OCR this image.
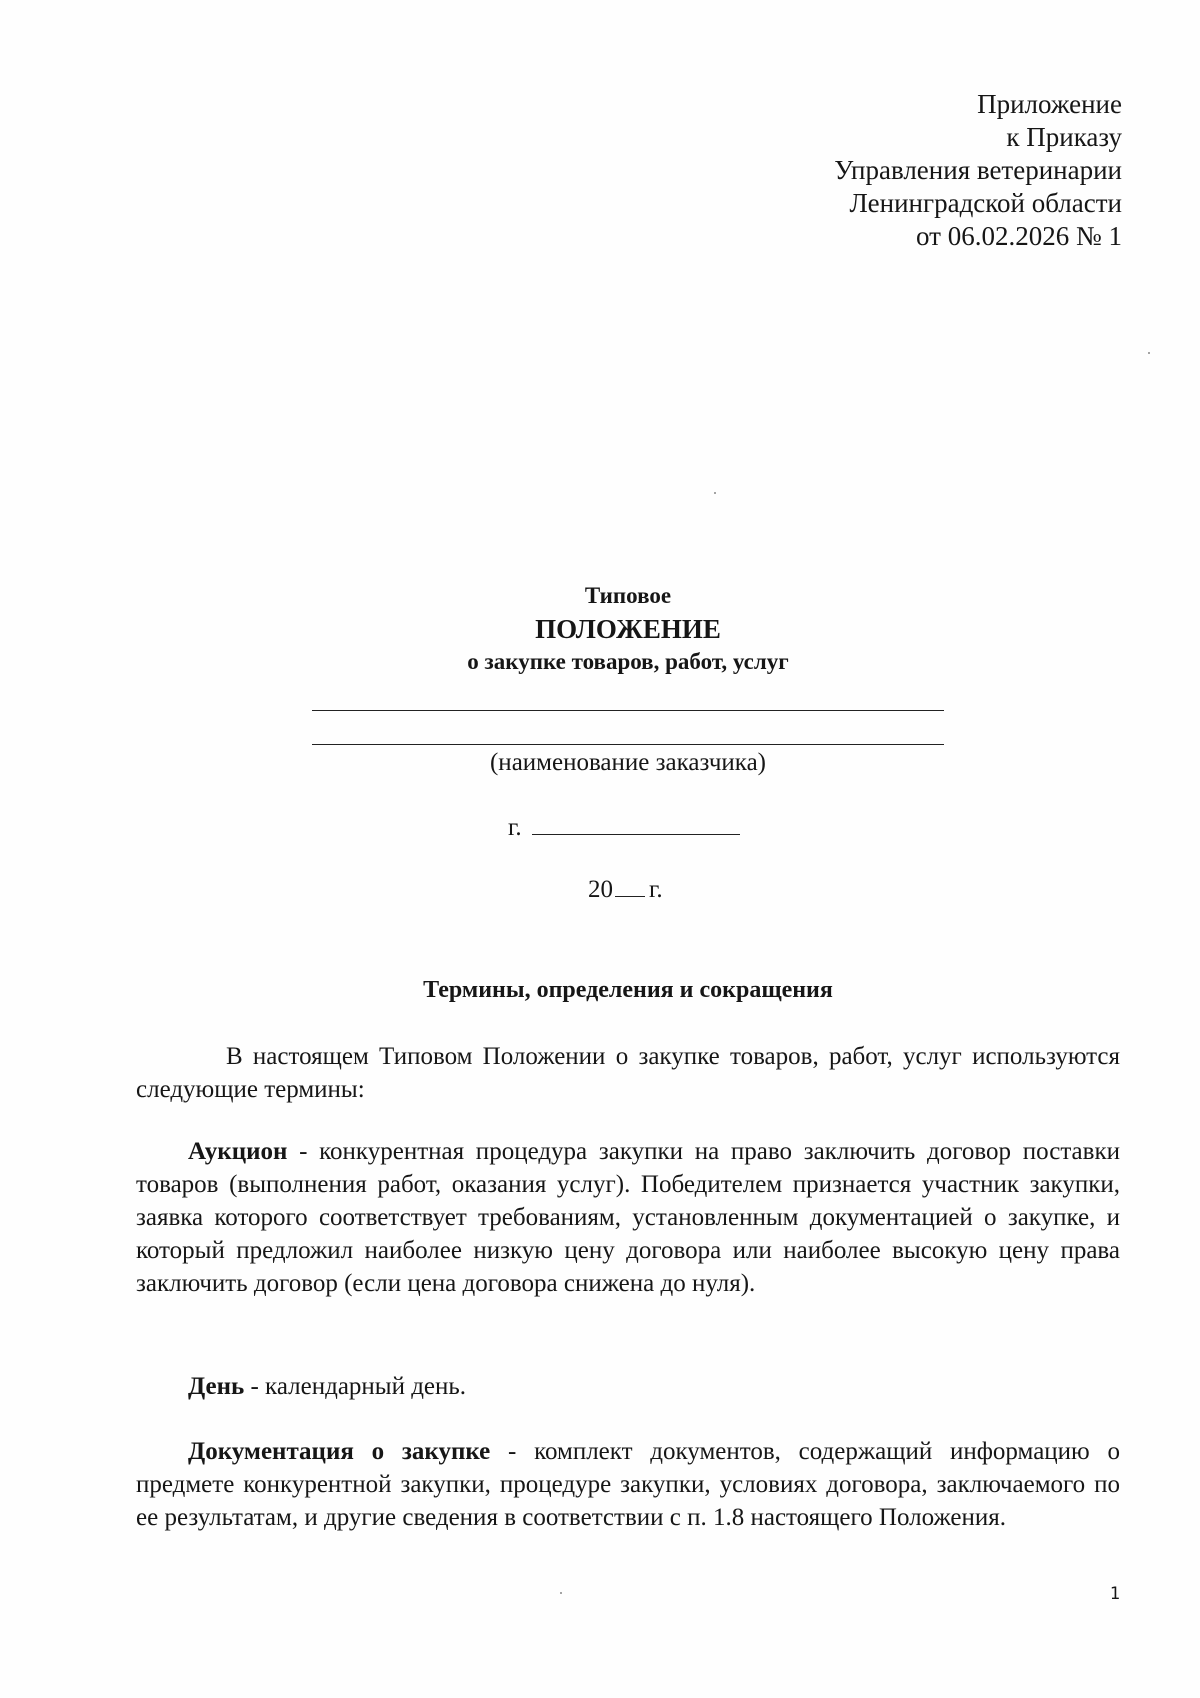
Приложение
к Приказу
Управления ветеринарии
Ленинградской области
от 06.02.2026 № 1
Типовое
ПОЛОЖЕНИЕ
о закупке товаров, работ, услуг
(наименование заказчика)
г.
20 г.
Термины, определения и сокращения
В настоящем Типовом Положении о закупке товаров, работ, услуг используются следующие термины:
Аукцион - конкурентная процедура закупки на право заключить договор поставки товаров (выполнения работ, оказания услуг). Победителем признается участник закупки, заявка которого соответствует требованиям, установленным документацией о закупке, и который предложил наиболее низкую цену договора или наиболее высокую цену права заключить договор (если цена договора снижена до нуля).
День - календарный день.
Документация о закупке - комплект документов, содержащий информацию о предмете конкурентной закупки, процедуре закупки, условиях договора, заключаемого по ее результатам, и другие сведения в соответствии с п. 1.8 настоящего Положения.
1
